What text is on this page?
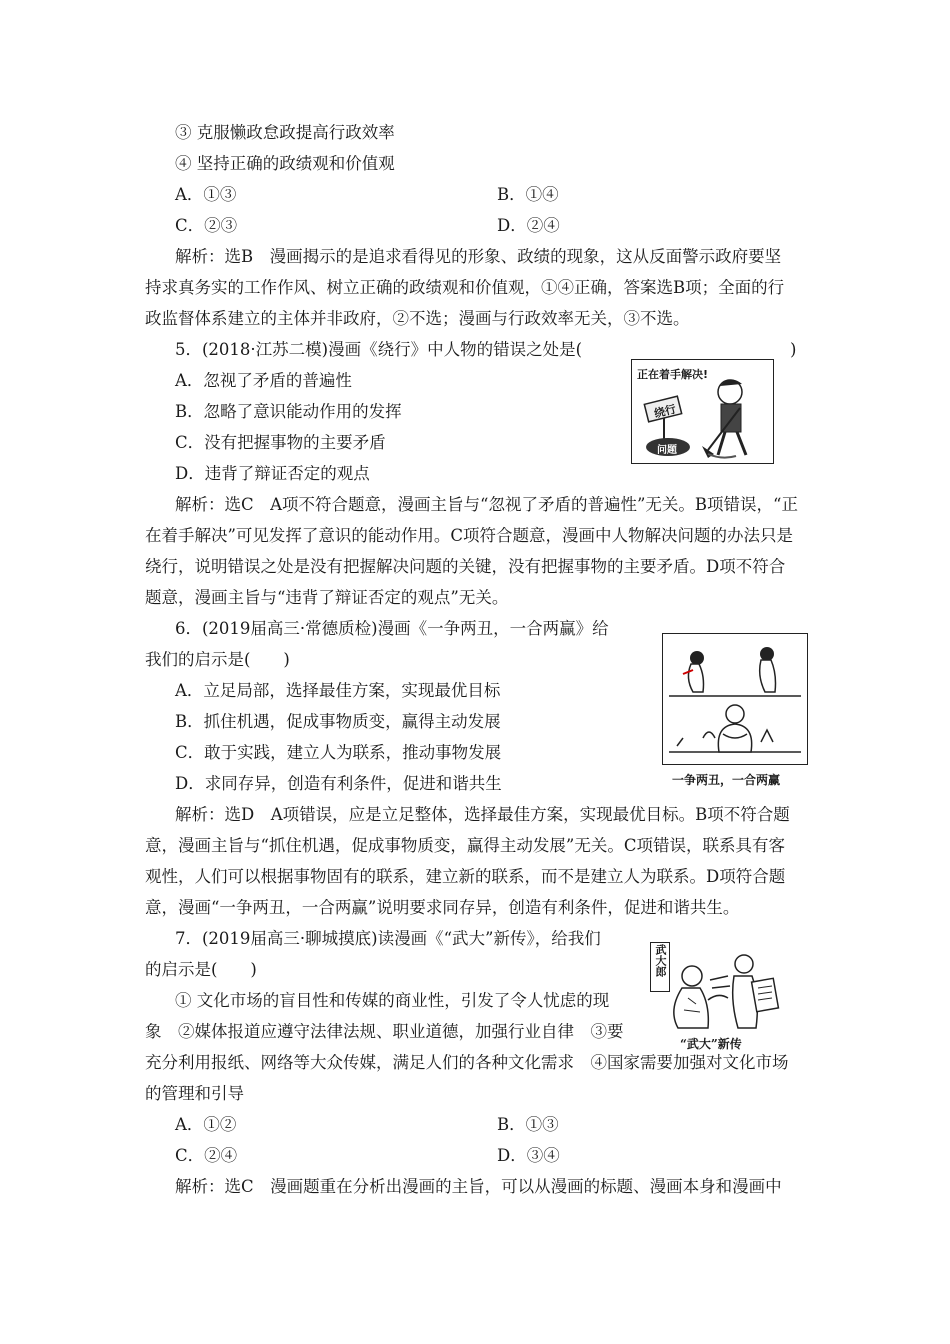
③ 克服懒政怠政提高行政效率
④ 坚持正确的政绩观和价值观
A．①③	B．①④
C．②③	D．②④
解析：选B　漫画揭示的是追求看得见的形象、政绩的现象，这从反面警示政府要坚
持求真务实的工作作风、树立正确的政绩观和价值观，①④正确，答案选B项；全面的行
政监督体系建立的主体并非政府，②不选；漫画与行政效率无关，③不选。
5．(2018·江苏二模)漫画《绕行》中人物的错误之处是(	)
A．忽视了矛盾的普遍性
B．忽略了意识能动作用的发挥
C．没有把握事物的主要矛盾
D．违背了辩证否定的观点
正在着手解决!
绕行
问题
解析：选C　A项不符合题意，漫画主旨与“忽视了矛盾的普遍性”无关。B项错误，“正
在着手解决”可见发挥了意识的能动作用。C项符合题意，漫画中人物解决问题的办法只是
绕行，说明错误之处是没有把握解决问题的关键，没有把握事物的主要矛盾。D项不符合
题意，漫画主旨与“违背了辩证否定的观点”无关。
6．(2019届高三·常德质检)漫画《一争两丑，一合两赢》给
我们的启示是(　　)
A．立足局部，选择最佳方案，实现最优目标
B．抓住机遇，促成事物质变，赢得主动发展
C．敢于实践，建立人为联系，推动事物发展
D．求同存异，创造有利条件，促进和谐共生	一争两丑，一合两赢
解析：选D　A项错误，应是立足整体，选择最佳方案，实现最优目标。B项不符合题
意，漫画主旨与“抓住机遇，促成事物质变，赢得主动发展”无关。C项错误，联系具有客
观性，人们可以根据事物固有的联系，建立新的联系，而不是建立人为联系。D项符合题
意，漫画“一争两丑，一合两赢”说明要求同存异，创造有利条件，促进和谐共生。
7．(2019届高三·聊城摸底)读漫画《“武大”新传》，给我们
的启示是(　　)
① 文化市场的盲目性和传媒的商业性，引发了令人忧虑的现
象　②媒体报道应遵守法律法规、职业道德，加强行业自律　③要
充分利用报纸、网络等大众传媒，满足人们的各种文化需求　④国家需要加强对文化市场
的管理和引导
武大郎
“武大”新传
A．①②	B．①③
C．②④	D．③④
解析：选C　漫画题重在分析出漫画的主旨，可以从漫画的标题、漫画本身和漫画中
